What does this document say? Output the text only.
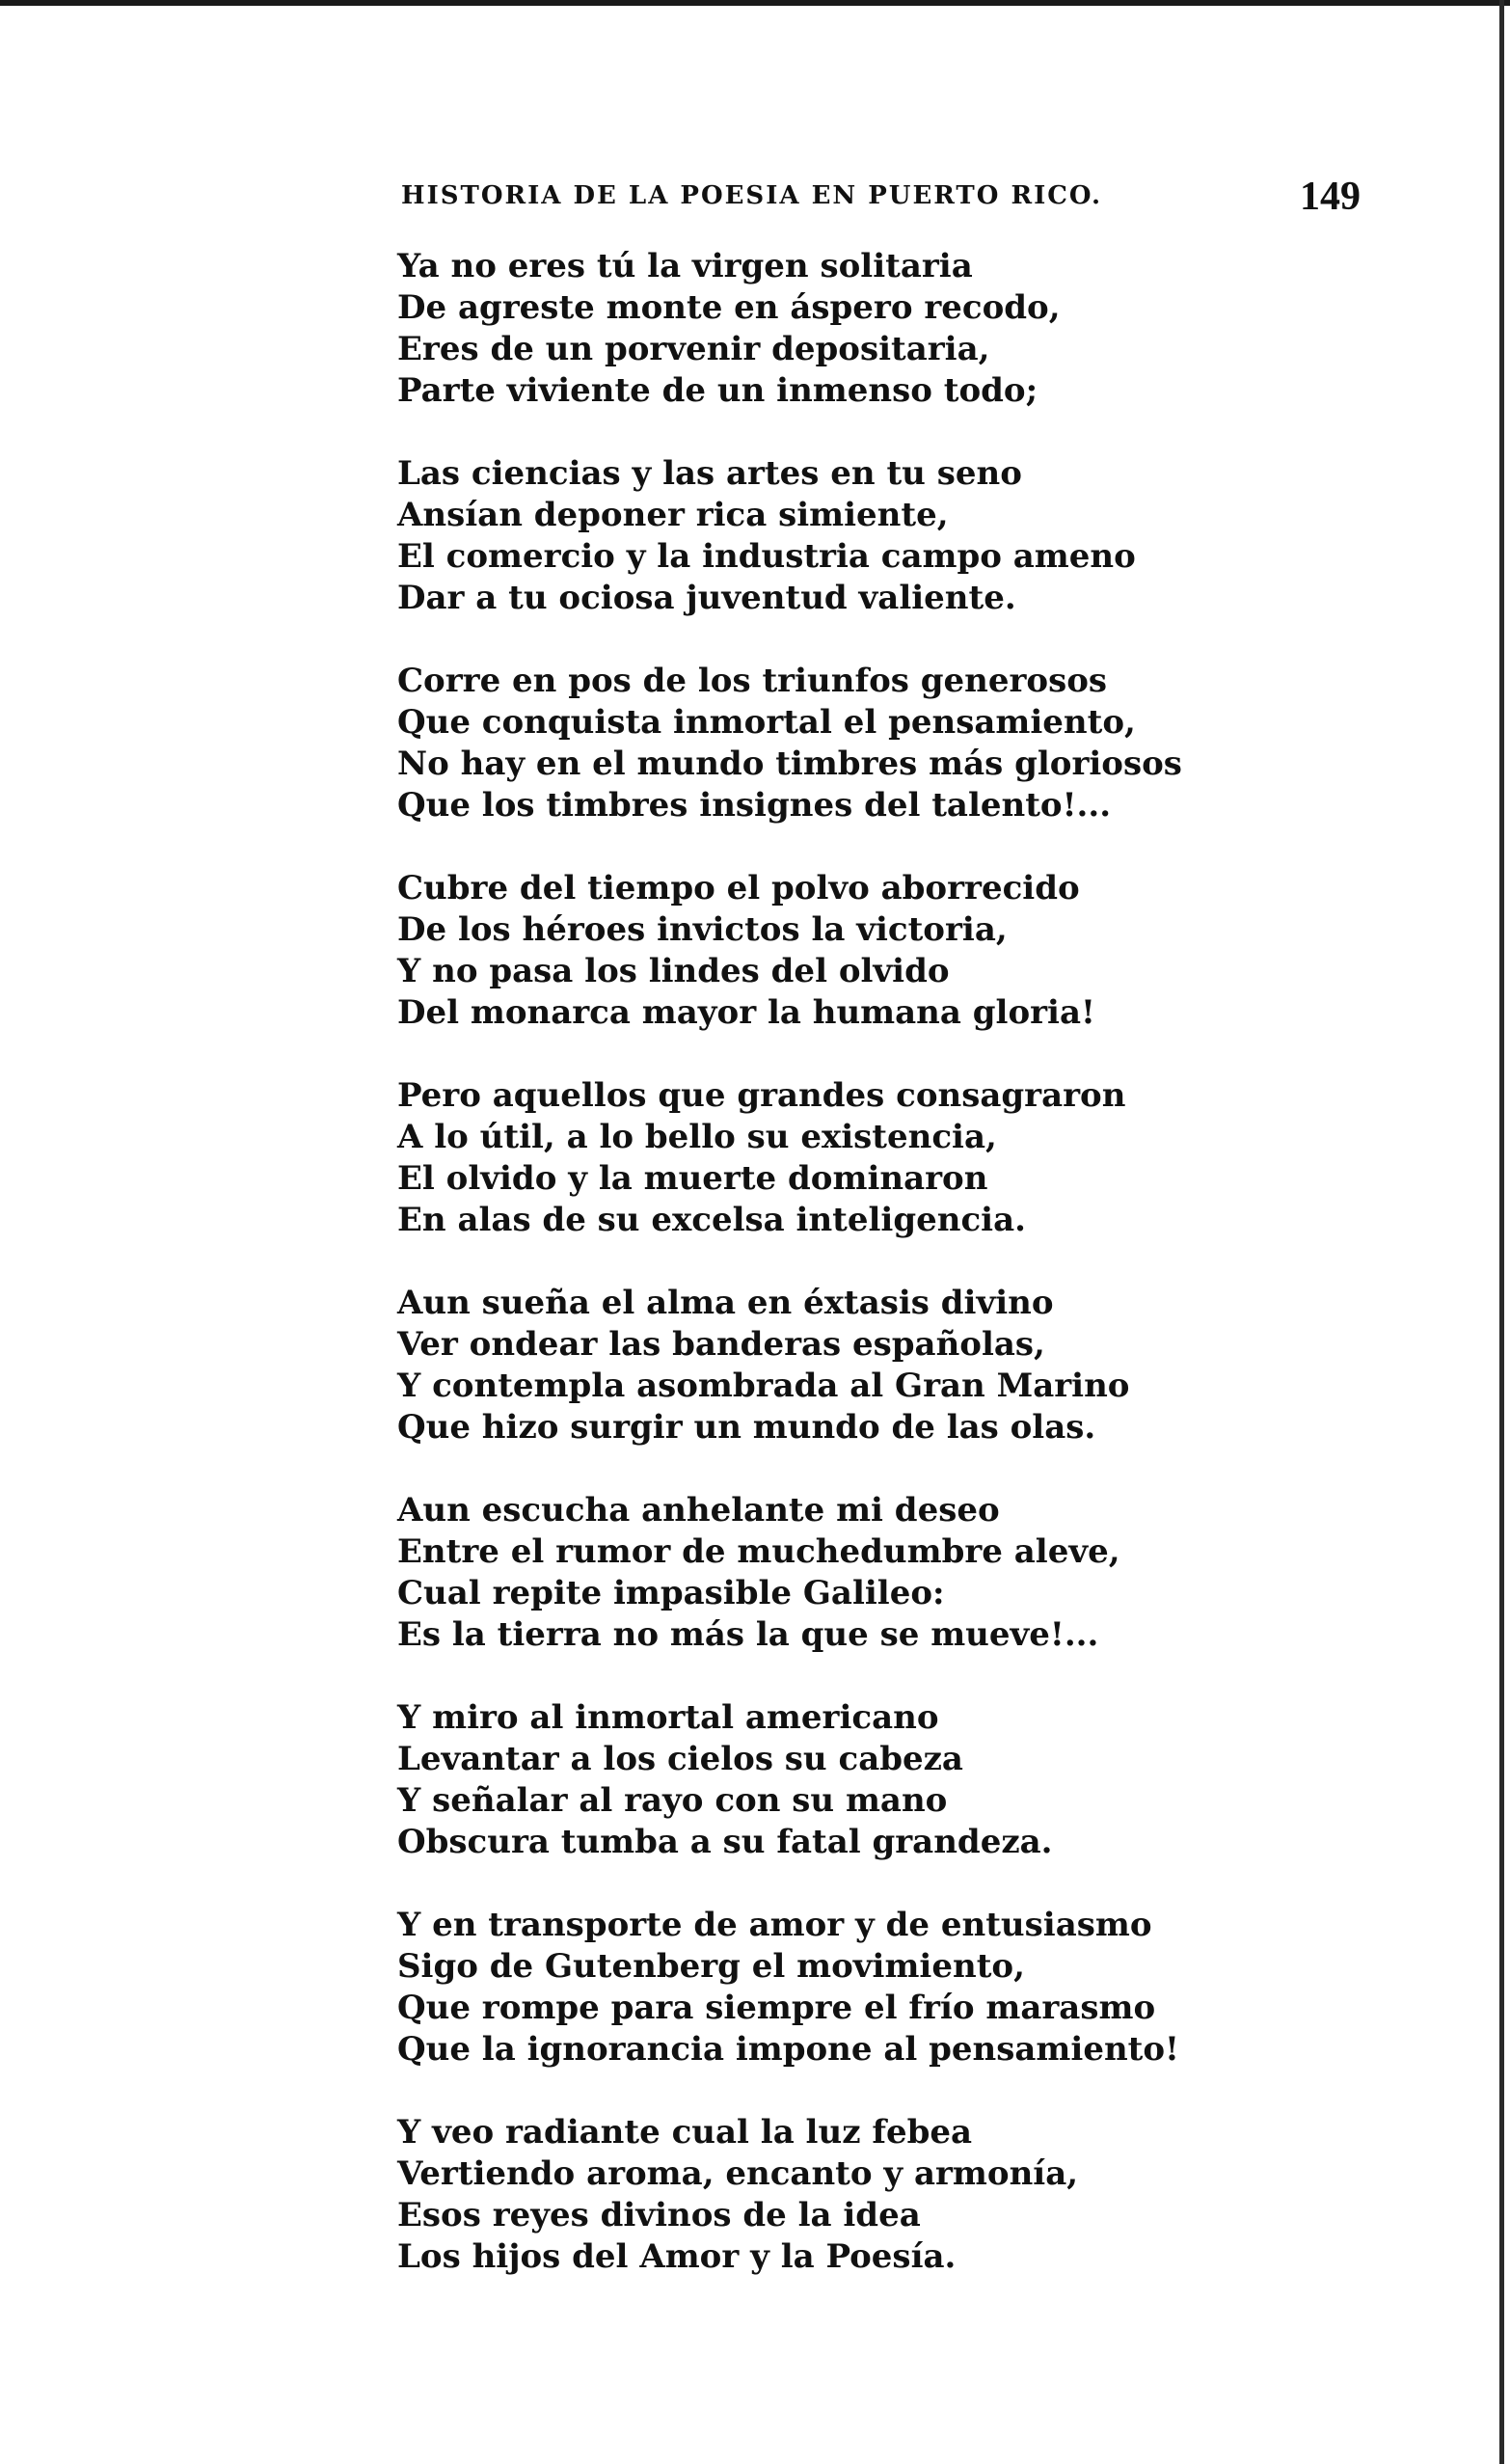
HISTORIA DE LA POESIA EN PUERTO RICO.	149
Ya no eres tú la virgen solitaria
De agreste monte en áspero recodo,
Eres de un porvenir depositaria,
Parte viviente de un inmenso todo;
Las ciencias y las artes en tu seno
Ansían deponer rica simiente,
El comercio y la industria campo ameno
Dar a tu ociosa juventud valiente.
Corre en pos de los triunfos generosos
Que conquista inmortal el pensamiento,
No hay en el mundo timbres más gloriosos
Que los timbres insignes del talento!...
Cubre del tiempo el polvo aborrecido
De los héroes invictos la victoria,
Y no pasa los lindes del olvido
Del monarca mayor la humana gloria!
Pero aquellos que grandes consagraron
A lo útil, a lo bello su existencia,
El olvido y la muerte dominaron
En alas de su excelsa inteligencia.
Aun sueña el alma en éxtasis divino
Ver ondear las banderas españolas,
Y contempla asombrada al Gran Marino
Que hizo surgir un mundo de las olas.
Aun escucha anhelante mi deseo
Entre el rumor de muchedumbre aleve,
Cual repite impasible Galileo:
Es la tierra no más la que se mueve!...
Y miro al inmortal americano
Levantar a los cielos su cabeza
Y señalar al rayo con su mano
Obscura tumba a su fatal grandeza.
Y en transporte de amor y de entusiasmo
Sigo de Gutenberg el movimiento,
Que rompe para siempre el frío marasmo
Que la ignorancia impone al pensamiento!
Y veo radiante cual la luz febea
Vertiendo aroma, encanto y armonía,
Esos reyes divinos de la idea
Los hijos del Amor y la Poesía.
